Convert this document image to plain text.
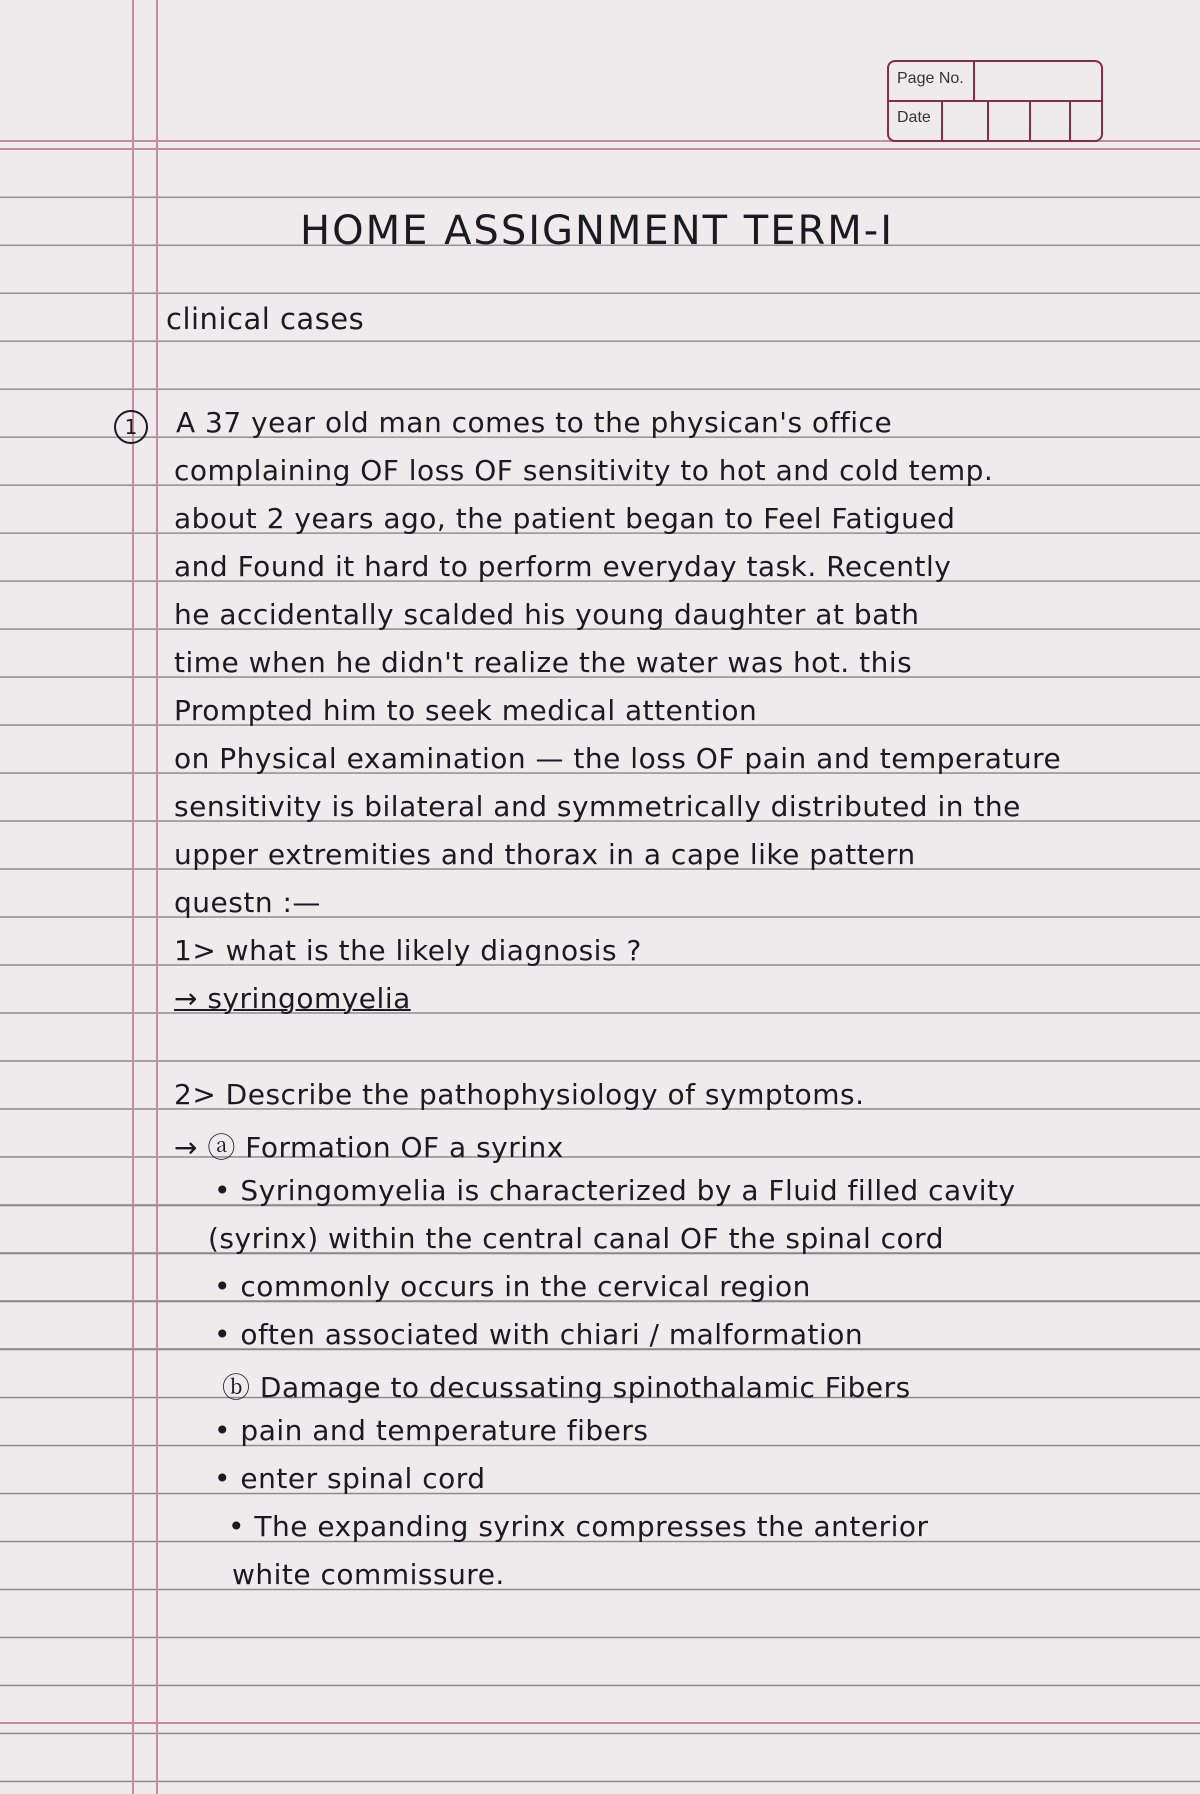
Page No.
Date
HOME ASSIGNMENT TERM-I
clinical cases
1	A 37 year old man comes to the physican's office
complaining OF loss OF sensitivity to hot and cold temp.
about 2 years ago, the patient began to Feel Fatigued
and Found it hard to perform everyday task. Recently
he accidentally scalded his young daughter at bath
time when he didn't realize the water was hot. this
Prompted him to seek medical attention
on Physical examination — the loss OF pain and temperature
sensitivity is bilateral and symmetrically distributed in the
upper extremities and thorax in a cape like pattern
questn :—
1> what is the likely diagnosis ?
→ syringomyelia
2> Describe the pathophysiology of symptoms.
→ ⓐ Formation OF a syrinx
• Syringomyelia is characterized by a Fluid filled cavity
(syrinx) within the central canal OF the spinal cord
• commonly occurs in the cervical region
• often associated with chiari / malformation
ⓑ Damage to decussating spinothalamic Fibers
• pain and temperature fibers
• enter spinal cord
• The expanding syrinx compresses the anterior
white commissure.
